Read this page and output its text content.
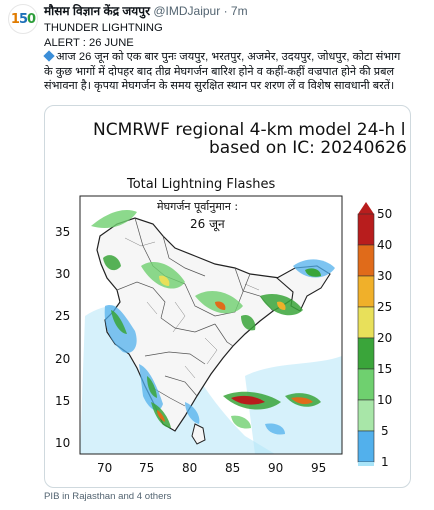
150
मौसम विज्ञान केंद्र जयपुर @IMDJaipur · 7m
THUNDER LIGHTNING
ALERT : 26 JUNE
आज 26 जून को एक बार पुनः जयपुर, भरतपुर, अजमेर, उदयपुर, जोधपुर, कोटा संभाग
के कुछ भागों में दोपहर बाद तीव्र मेघगर्जन बारिश होने व कहीं-कहीं वज्रपात होने की प्रबल
संभावना है। कृपया मेघगर्जन के समय सुरक्षित स्थान पर शरण लें व विशेष सावधानी बरतें।
NCMRWF regional 4-km model 24-h l
based on IC: 20240626
Total Lightning Flashes
मेघगर्जन पूर्वानुमान :
26 जून
35
30
25
20
15
10
70 75 80 85 90 95
50
40
30
25
20
15
10
5
1
PIB in Rajasthan and 4 others
